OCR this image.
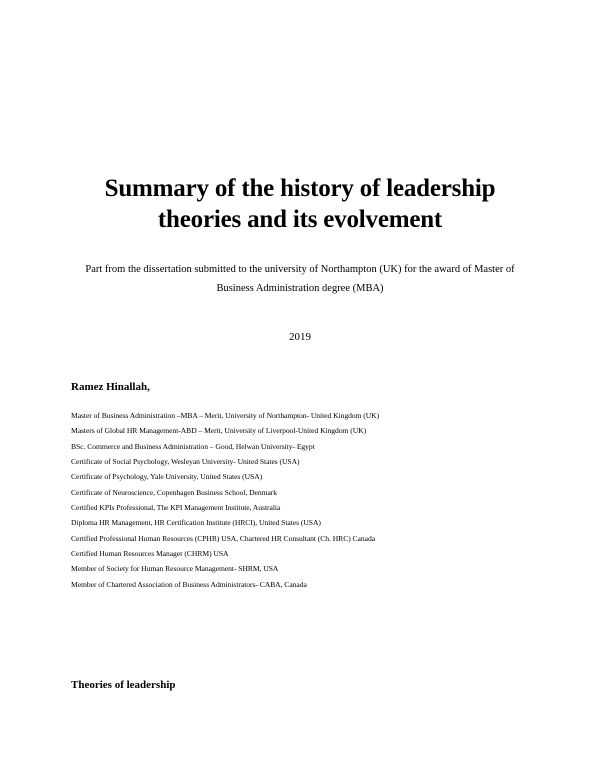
Summary of the history of leadership
theories and its evolvement

Part from the dissertation submitted to the university of Northampton (UK) for the award of Master of
Business Administration degree (MBA)

2019
Ramez Hinallah,
Master of Business Administration –MBA – Merit, University of Northampton- United Kingdom (UK)
Masters of Global HR Management-ABD – Merit, University of Liverpool-United Kingdom (UK)
BSc. Commerce and Business Administration – Good, Helwan University- Egypt
Certificate of Social Psychology, Wesleyan University- United States (USA)
Certificate of Psychology, Yale University, United States (USA)
Certificate of Neuroscience, Copenhagen Business School, Denmark
Certified KPIs Professional, The KPI Management Institute, Australia
Diploma HR Management, HR Certification Institute (HRCI), United States (USA)
Certified Professional Human Resources (CPHR) USA, Chartered HR Consultant (Ch. HRC) Canada
Certified Human Resources Manager (CHRM) USA
Member of Society for Human Resource Management- SHRM, USA
Member of Chartered Association of Business Administrators- CABA, Canada
Theories of leadership
